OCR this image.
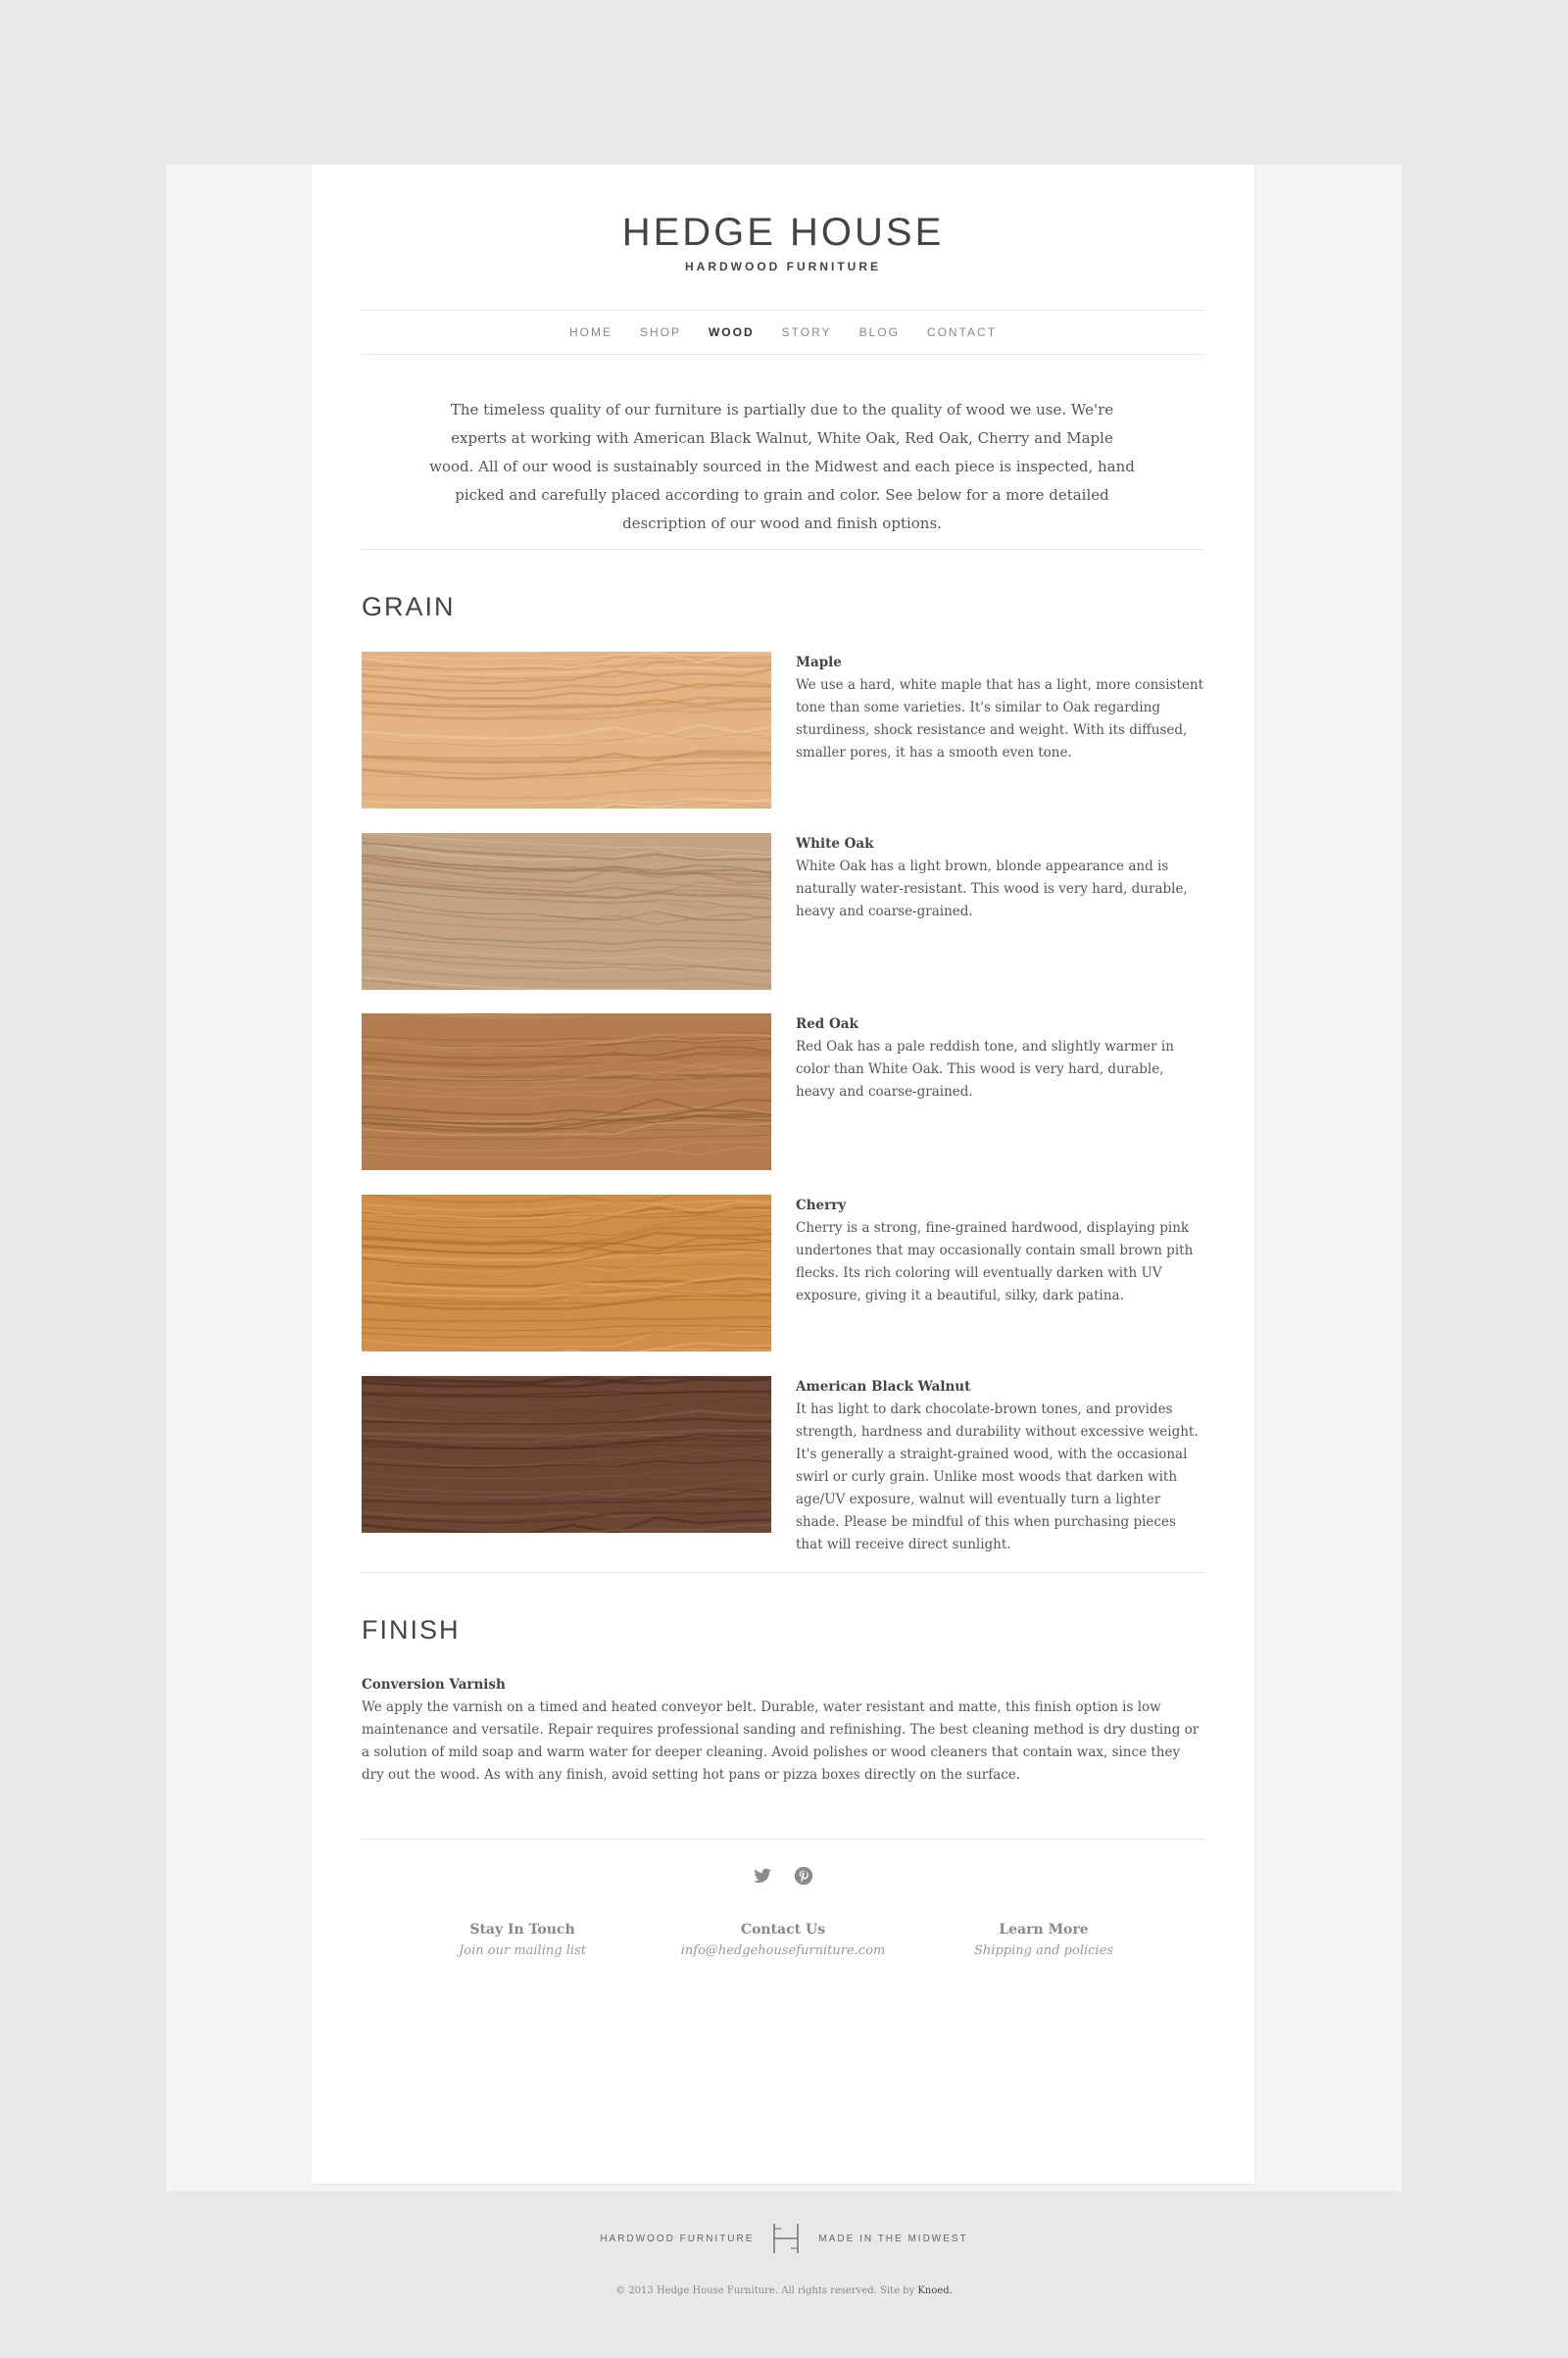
HEDGE HOUSE
HARDWOOD FURNITURE
HOME SHOP WOOD STORY BLOG CONTACT
The timeless quality of our furniture is partially due to the quality of wood we use. We're experts at working with American Black Walnut, White Oak, Red Oak, Cherry and Maple wood. All of our wood is sustainably sourced in the Midwest and each piece is inspected, hand picked and carefully placed according to grain and color. See below for a more detailed description of our wood and finish options.
GRAIN
Maple
We use a hard, white maple that has a light, more consistent tone than some varieties. It's similar to Oak regarding sturdiness, shock resistance and weight. With its diffused, smaller pores, it has a smooth even tone.
White Oak
White Oak has a light brown, blonde appearance and is naturally water-resistant. This wood is very hard, durable, heavy and coarse-grained.
Red Oak
Red Oak has a pale reddish tone, and slightly warmer in color than White Oak. This wood is very hard, durable, heavy and coarse-grained.
Cherry
Cherry is a strong, fine-grained hardwood, displaying pink undertones that may occasionally contain small brown pith flecks. Its rich coloring will eventually darken with UV exposure, giving it a beautiful, silky, dark patina.
American Black Walnut
It has light to dark chocolate-brown tones, and provides strength, hardness and durability without excessive weight. It's generally a straight-grained wood, with the occasional swirl or curly grain. Unlike most woods that darken with age/UV exposure, walnut will eventually turn a lighter shade. Please be mindful of this when purchasing pieces that will receive direct sunlight.
FINISH
Conversion Varnish
We apply the varnish on a timed and heated conveyor belt. Durable, water resistant and matte, this finish option is low maintenance and versatile. Repair requires professional sanding and refinishing. The best cleaning method is dry dusting or a solution of mild soap and warm water for deeper cleaning. Avoid polishes or wood cleaners that contain wax, since they dry out the wood. As with any finish, avoid setting hot pans or pizza boxes directly on the surface.
Stay In Touch
Join our mailing list
Contact Us
info@hedgehousefurniture.com
Learn More
Shipping and policies
HARDWOOD FURNITURE	MADE IN THE MIDWEST
© 2013 Hedge House Furniture. All rights reserved. Site by Knoed.
